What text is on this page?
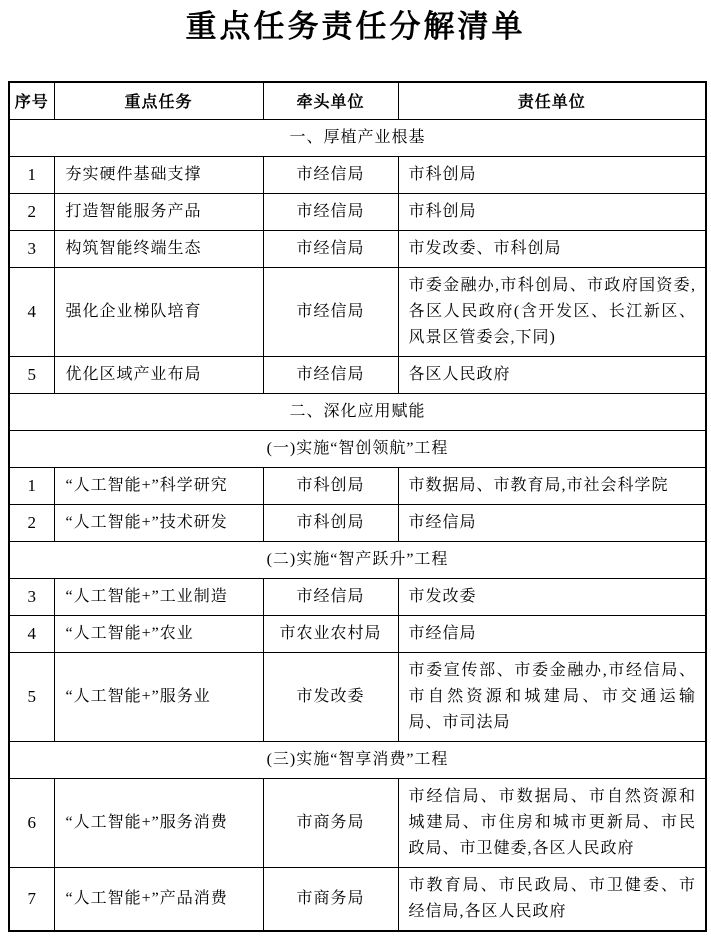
重点任务责任分解清单
序号	重点任务	牵头单位	责任单位
一、厚植产业根基			
1	夯实硬件基础支撑	市经信局	市科创局
2	打造智能服务产品	市经信局	市科创局
3	构筑智能终端生态	市经信局	市发改委、市科创局
4	强化企业梯队培育	市经信局	市委金融办,市科创局、市政府国资委,各区人民政府(含开发区、长江新区、风景区管委会,下同)
5	优化区域产业布局	市经信局	各区人民政府
二、深化应用赋能			
(一)实施“智创领航”工程			
1	“人工智能+”科学研究	市科创局	市数据局、市教育局,市社会科学院
2	“人工智能+”技术研发	市科创局	市经信局
(二)实施“智产跃升”工程			
3	“人工智能+”工业制造	市经信局	市发改委
4	“人工智能+”农业	市农业农村局	市经信局
5	“人工智能+”服务业	市发改委	市委宣传部、市委金融办,市经信局、市自然资源和城建局、市交通运输局、市司法局
(三)实施“智享消费”工程			
6	“人工智能+”服务消费	市商务局	市经信局、市数据局、市自然资源和城建局、市住房和城市更新局、市民政局、市卫健委,各区人民政府
7	“人工智能+”产品消费	市商务局	市教育局、市民政局、市卫健委、市经信局,各区人民政府
